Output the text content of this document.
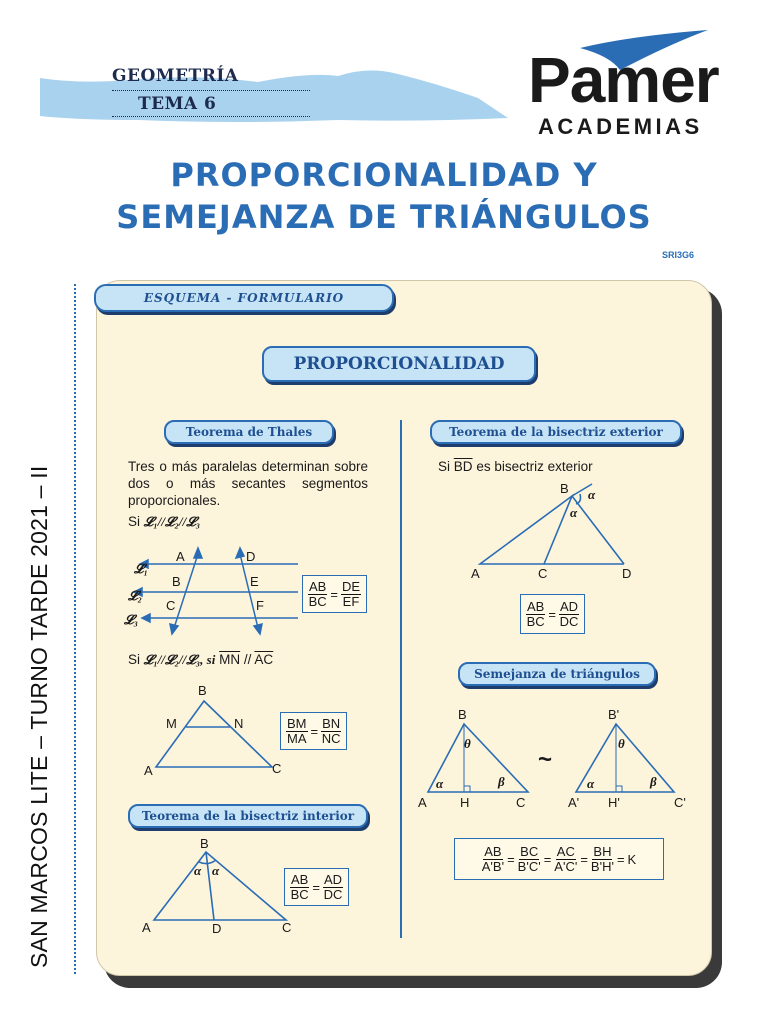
GEOMETRÍA
TEMA 6	Pamer
ACADEMIAS
PROPORCIONALIDAD Y
SEMEJANZA DE TRIÁNGULOS
SRI3G6
SAN MARCOS LITE – TURNO TARDE 2021 – II
ESQUEMA - FORMULARIO
PROPORCIONALIDAD
Teorema de Thales
Tres o más paralelas determinan sobre dos o más secantes segmentos proporcionales.
Si 𝓛₁//𝓛₂//𝓛₃
𝓛₁
𝓛₂
𝓛₃
A
B
C
D
E
F	$\frac{AB}{BC} = \frac{DE}{EF}$
Si 𝓛₁//𝓛₂//𝓛₃, si $\overline{MN} // \overline{AC}$
B
M	N
A	C
$\frac{BM}{MA} = \frac{BN}{NC}$
Teorema de la bisectriz interior
B
A	D	C
α α
$\frac{AB}{BC} = \frac{AD}{DC}$
Teorema de la bisectriz exterior
Si $\overline{BD}$ es bisectriz exterior
B
A	C	D
α
α
$\frac{AB}{BC} = \frac{AD}{DC}$
Semejanza de triángulos
B
A	H	C
θ
α	β
~
B'
A' H'	C'
θ
α	β
$\frac{AB}{A'B'} = \frac{BC}{B'C'} = \frac{AC}{A'C'} = \frac{BH}{B'H'} = K$
